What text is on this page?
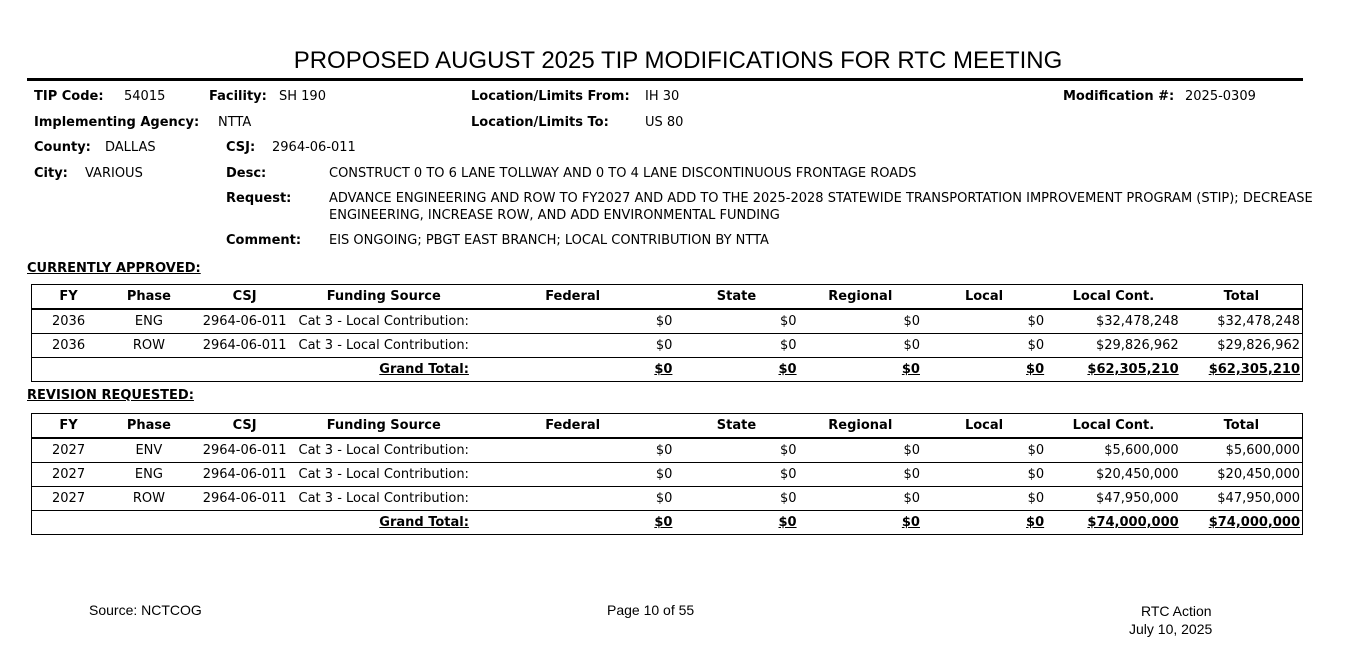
PROPOSED AUGUST 2025 TIP MODIFICATIONS FOR RTC MEETING
TIP Code: 54015	Facility: SH 190	Location/Limits From: IH 30	Modification #: 2025-0309
Implementing Agency: NTTA	Location/Limits To:	US 80
County: DALLAS	CSJ: 2964-06-011
City: VARIOUS	Desc:	CONSTRUCT 0 TO 6 LANE TOLLWAY AND 0 TO 4 LANE DISCONTINUOUS FRONTAGE ROADS
Request:	ADVANCE ENGINEERING AND ROW TO FY2027 AND ADD TO THE 2025-2028 STATEWIDE TRANSPORTATION IMPROVEMENT PROGRAM (STIP); DECREASE
ENGINEERING, INCREASE ROW, AND ADD ENVIRONMENTAL FUNDING
Comment: EIS ONGOING; PBGT EAST BRANCH; LOCAL CONTRIBUTION BY NTTA
CURRENTLY APPROVED:
FY	Phase	CSJ	Funding Source	Federal	State	Regional	Local	Local Cont.	Total
2036	ENG	2964-06-011	Cat 3 - Local Contribution:	$0	$0	$0	$0	$32,478,248	$32,478,248
2036	ROW	2964-06-011	Cat 3 - Local Contribution:	$0	$0	$0	$0	$29,826,962	$29,826,962
Grand Total:				$0	$0	$0	$0	$62,305,210	$62,305,210
REVISION REQUESTED:
FY	Phase	CSJ	Funding Source	Federal	State	Regional	Local	Local Cont.	Total
2027	ENV	2964-06-011	Cat 3 - Local Contribution:	$0	$0	$0	$0	$5,600,000	$5,600,000
2027	ENG	2964-06-011	Cat 3 - Local Contribution:	$0	$0	$0	$0	$20,450,000	$20,450,000
2027	ROW	2964-06-011	Cat 3 - Local Contribution:	$0	$0	$0	$0	$47,950,000	$47,950,000
Grand Total:				$0	$0	$0	$0	$74,000,000	$74,000,000
Source: NCTCOG	Page 10 of 55	RTC Action
July 10, 2025
